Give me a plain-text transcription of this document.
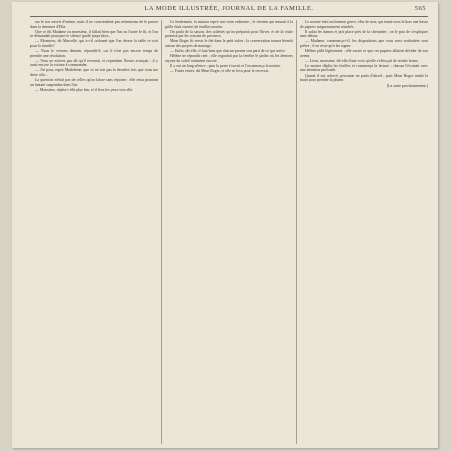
LA MODE ILLUSTRÉE, JOURNAL DE LA FAMILLE.	565

sur le ton ouvert d'estime, mais il ne conviendrait pas néanmoins de le passer dans la demeure d'Ella.

Que ce fût Madame ou monsieur, il fallait bien que l'un ou l'autre le fît, et l'on se demandait pourquoi le silence gardé jusqu'alors...

— Monsieur, dit Marcelle, qui a-t-il ordonné que l'on dresse la table ce soir pour la famille?

— Nous le verrons demain, répondit-il, car il n'est pas encore temps de prendre une résolution.

— Vous ne m'avez pas dit qu'il revenait, et cependant l'heure avançait ; il y avait encore la voiture à commander.

— J'ai peur, reprit Madeleine, que ce ne soit pas la dernière fois que vous me direz cela...

La question n'était pas de celles qu'on laisse sans réponse ; elle resta pourtant un instant suspendue dans l'air.

— Monsieur, répéta-t-elle plus bas, et il leva les yeux vers elle.

Le lendemain, la maison reprit son train ordinaire ; le chemin qui menait à la grille était couvert de feuilles mortes.

On parla de la saison, des toilettes qu'on préparait pour l'hiver, et de la visite promise par les cousins de province.

Mme Roger fit servir le thé dans le petit salon ; la conversation tourna bientôt autour des projets de mariage.

— Enfin, dit-elle, il faut bien que chacun prenne son parti de ce qui arrive.

Hélène ne répondit rien ; elle regardait par la fenêtre le jardin où les derniers rayons du soleil traînaient encore.

Il y eut un long silence ; puis la porte s'ouvrit et l'on annonça le notaire.

— Faites entrer, dit Mme Roger, et elle se leva pour le recevoir.

Le notaire était un homme grave, vêtu de noir, qui tenait sous le bras une liasse de papiers soigneusement attachés.

Il salua les dames et prit place près de la cheminée ; on le pria de s'expliquer sans détour.

— Madame, commença-t-il, les dispositions que vous avez souhaitées sont prêtes ; il ne reste qu'à les signer.

Hélène pâlit légèrement ; elle savait ce que ces papiers allaient décider de son avenir.

— Lisez, monsieur, dit-elle d'une voix qu'elle s'efforçait de rendre ferme.

Le notaire déplia les feuilles et commença la lecture ; chacun l'écoutait avec une attention profonde.

Quand il eut achevé, personne ne parla d'abord ; puis Mme Roger tendit la main pour prendre la plume.

(La suite prochainement.)
